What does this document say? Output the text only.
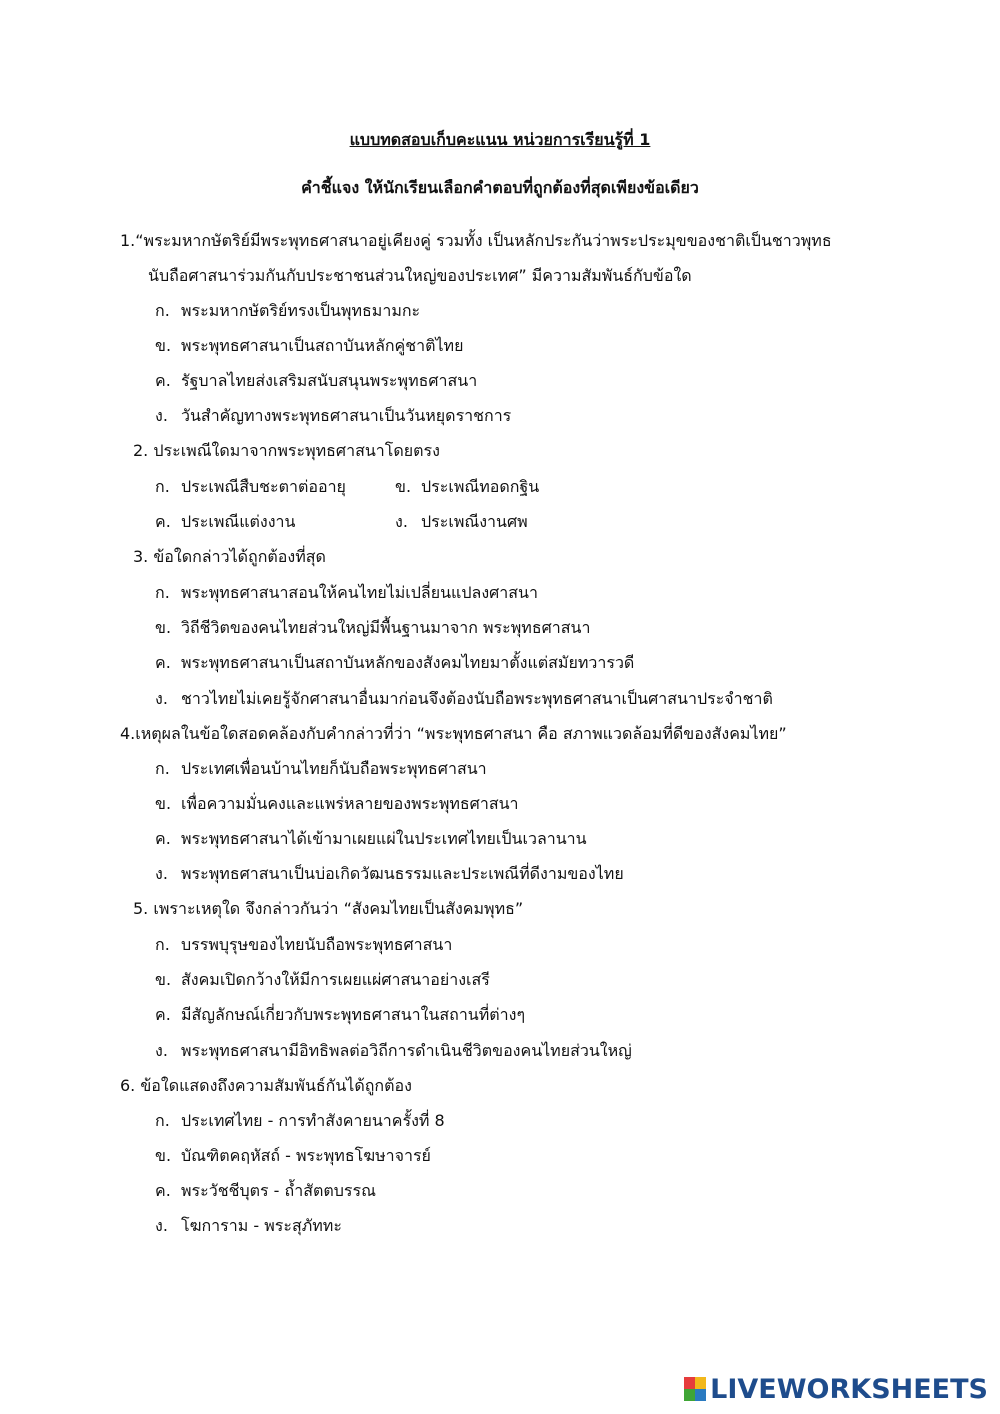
แบบทดสอบเก็บคะแนน หน่วยการเรียนรู้ที่ 1
คำชี้แจง ให้นักเรียนเลือกคำตอบที่ถูกต้องที่สุดเพียงข้อเดียว
1.“พระมหากษัตริย์มีพระพุทธศาสนาอยู่เคียงคู่ รวมทั้ง เป็นหลักประกันว่าพระประมุขของชาติเป็นชาวพุทธ
นับถือศาสนาร่วมกันกับประชาชนส่วนใหญ่ของประเทศ” มีความสัมพันธ์กับข้อใด
ก. พระมหากษัตริย์ทรงเป็นพุทธมามกะ
ข. พระพุทธศาสนาเป็นสถาบันหลักคู่ชาติไทย
ค. รัฐบาลไทยส่งเสริมสนับสนุนพระพุทธศาสนา
ง. วันสำคัญทางพระพุทธศาสนาเป็นวันหยุดราชการ
2. ประเพณีใดมาจากพระพุทธศาสนาโดยตรง
ก. ประเพณีสืบชะตาต่ออายุ	ข. ประเพณีทอดกฐิน
ค. ประเพณีแต่งงาน	ง. ประเพณีงานศพ
3. ข้อใดกล่าวได้ถูกต้องที่สุด
ก. พระพุทธศาสนาสอนให้คนไทยไม่เปลี่ยนแปลงศาสนา
ข. วิถีชีวิตของคนไทยส่วนใหญ่มีพื้นฐานมาจาก พระพุทธศาสนา
ค. พระพุทธศาสนาเป็นสถาบันหลักของสังคมไทยมาตั้งแต่สมัยทวารวดี
ง. ชาวไทยไม่เคยรู้จักศาสนาอื่นมาก่อนจึงต้องนับถือพระพุทธศาสนาเป็นศาสนาประจำชาติ
4.เหตุผลในข้อใดสอดคล้องกับคำกล่าวที่ว่า “พระพุทธศาสนา คือ สภาพแวดล้อมที่ดีของสังคมไทย”
ก. ประเทศเพื่อนบ้านไทยก็นับถือพระพุทธศาสนา
ข. เพื่อความมั่นคงและแพร่หลายของพระพุทธศาสนา
ค. พระพุทธศาสนาได้เข้ามาเผยแผ่ในประเทศไทยเป็นเวลานาน
ง. พระพุทธศาสนาเป็นบ่อเกิดวัฒนธรรมและประเพณีที่ดีงามของไทย
5. เพราะเหตุใด จึงกล่าวกันว่า “สังคมไทยเป็นสังคมพุทธ”
ก. บรรพบุรุษของไทยนับถือพระพุทธศาสนา
ข. สังคมเปิดกว้างให้มีการเผยแผ่ศาสนาอย่างเสรี
ค. มีสัญลักษณ์เกี่ยวกับพระพุทธศาสนาในสถานที่ต่างๆ
ง. พระพุทธศาสนามีอิทธิพลต่อวิถีการดำเนินชีวิตของคนไทยส่วนใหญ่
6. ข้อใดแสดงถึงความสัมพันธ์กันได้ถูกต้อง
ก. ประเทศไทย - การทำสังคายนาครั้งที่ 8
ข. บัณฑิตคฤหัสถ์ - พระพุทธโฆษาจารย์
ค. พระวัชชีบุตร - ถ้ำสัตตบรรณ
ง. โฆการาม - พระสุภัททะ
LIVEWORKSHEETS
